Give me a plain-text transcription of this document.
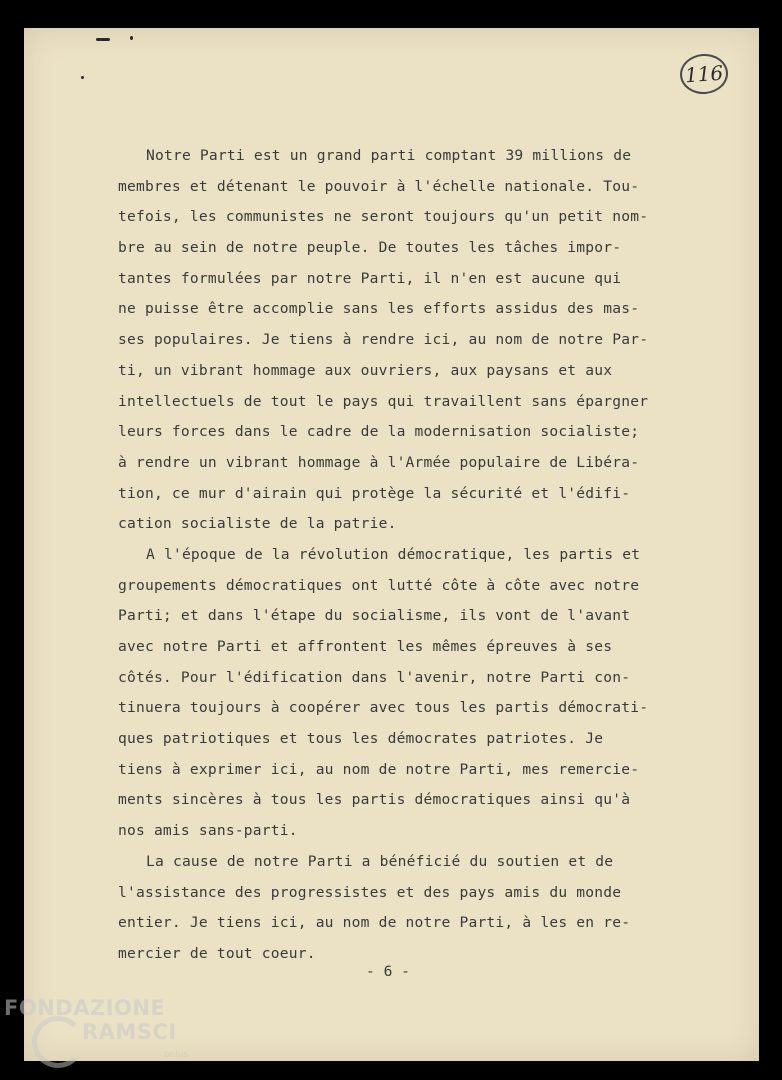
116
Notre Parti est un grand parti comptant 39 millions de
membres et détenant le pouvoir à l'échelle nationale. Tou-
tefois, les communistes ne seront toujours qu'un petit nom-
bre au sein de notre peuple. De toutes les tâches impor-
tantes formulées par notre Parti, il n'en est aucune qui
ne puisse être accomplie sans les efforts assidus des mas-
ses populaires. Je tiens à rendre ici, au nom de notre Par-
ti, un vibrant hommage aux ouvriers, aux paysans et aux
intellectuels de tout le pays qui travaillent sans épargner
leurs forces dans le cadre de la modernisation socialiste;
à rendre un vibrant hommage à l'Armée populaire de Libéra-
tion, ce mur d'airain qui protège la sécurité et l'édifi-
cation socialiste de la patrie.
A l'époque de la révolution démocratique, les partis et
groupements démocratiques ont lutté côte à côte avec notre
Parti; et dans l'étape du socialisme, ils vont de l'avant
avec notre Parti et affrontent les mêmes épreuves à ses
côtés. Pour l'édification dans l'avenir, notre Parti con-
tinuera toujours à coopérer avec tous les partis démocrati-
ques patriotiques et tous les démocrates patriotes. Je
tiens à exprimer ici, au nom de notre Parti, mes remercie-
ments sincères à tous les partis démocratiques ainsi qu'à
nos amis sans-parti.
La cause de notre Parti a bénéficié du soutien et de
l'assistance des progressistes et des pays amis du monde
entier. Je tiens ici, au nom de notre Parti, à les en re-
mercier de tout coeur.
- 6 -
FONDAZIONE
RAMSCI
onlus
